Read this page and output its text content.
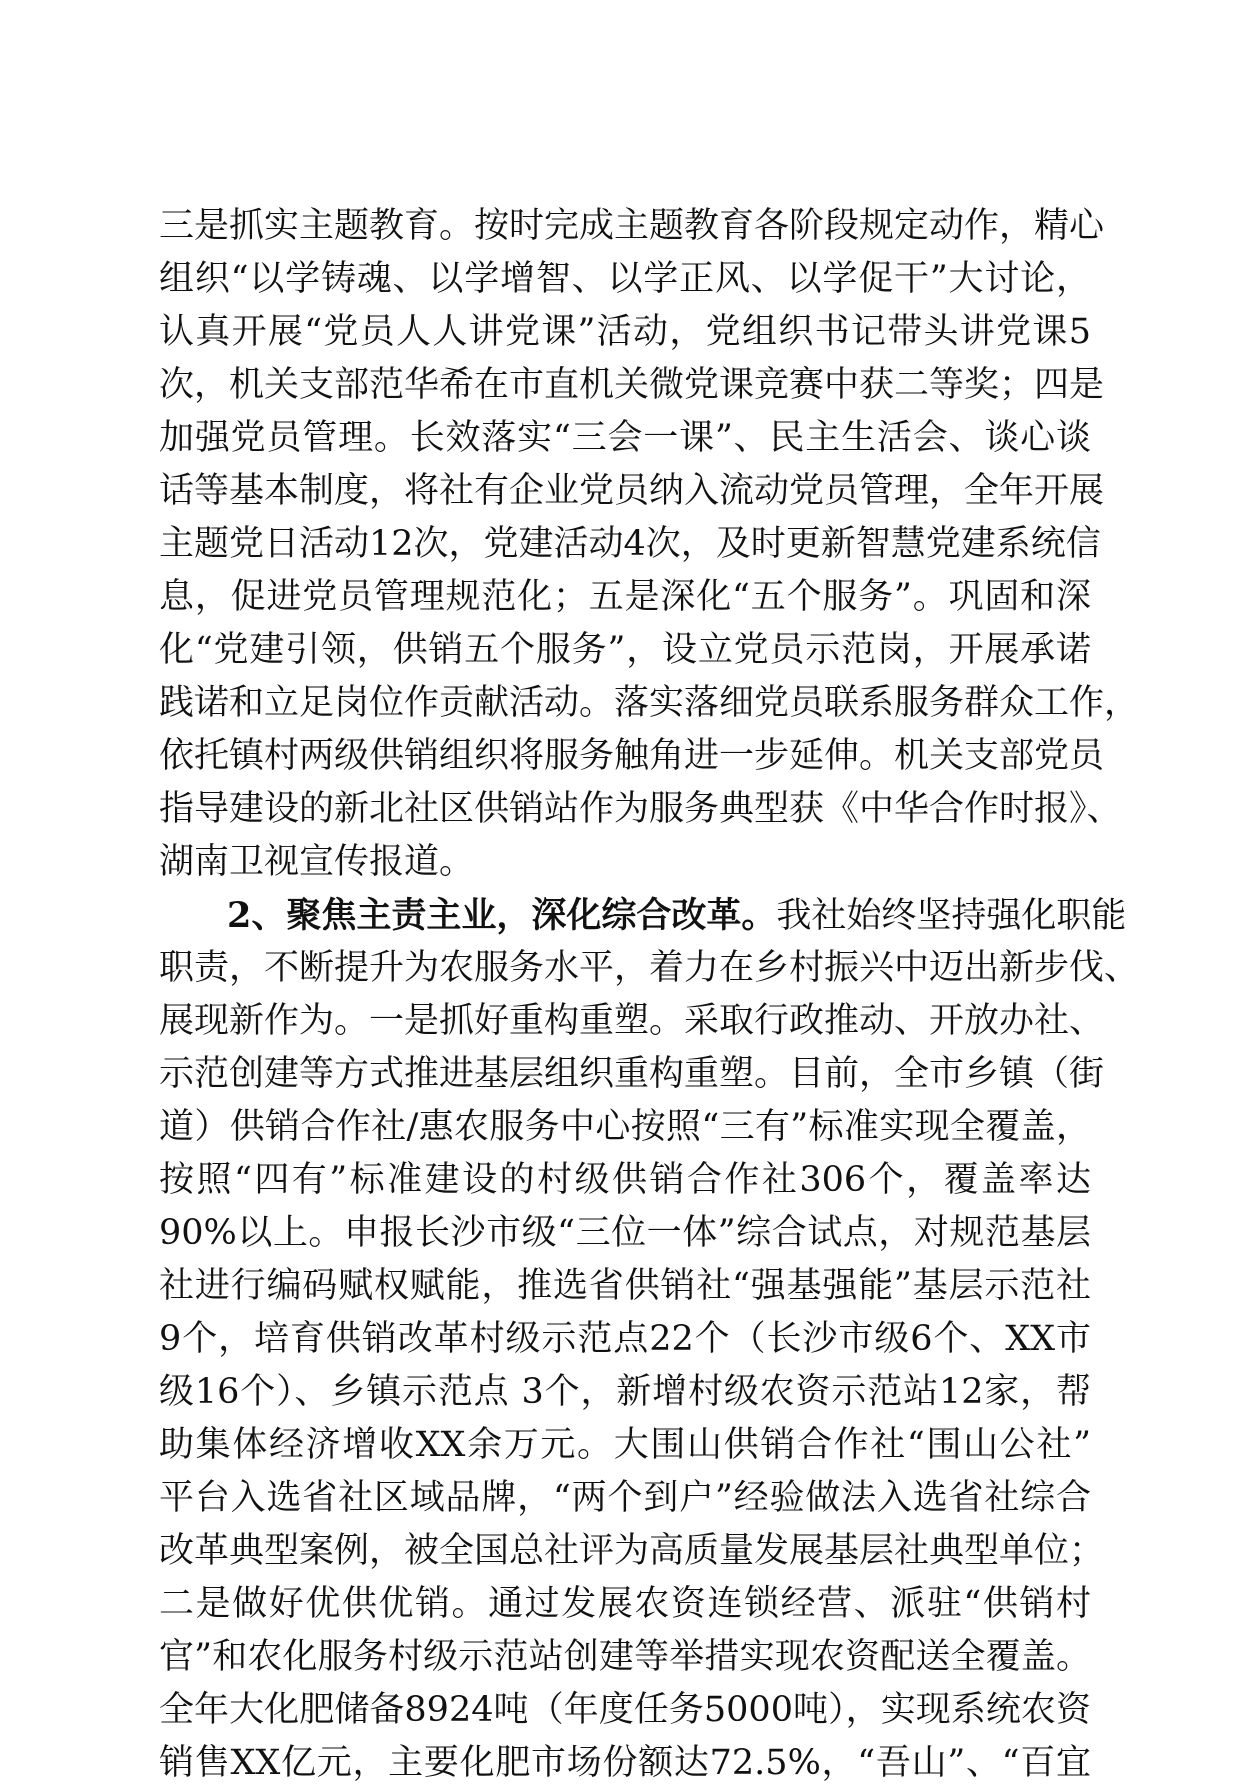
三是抓实主题教育。按时完成主题教育各阶段规定动作，精心
组织“以学铸魂、以学增智、以学正风、以学促干”大讨论，
认真开展“党员人人讲党课”活动，党组织书记带头讲党课5
次，机关支部范华希在市直机关微党课竞赛中获二等奖；四是
加强党员管理。长效落实“三会一课”、民主生活会、谈心谈
话等基本制度，将社有企业党员纳入流动党员管理，全年开展
主题党日活动12次，党建活动4次，及时更新智慧党建系统信
息，促进党员管理规范化；五是深化“五个服务”。巩固和深
化“党建引领，供销五个服务”，设立党员示范岗，开展承诺
践诺和立足岗位作贡献活动。落实落细党员联系服务群众工作，
依托镇村两级供销组织将服务触角进一步延伸。机关支部党员
指导建设的新北社区供销站作为服务典型获《中华合作时报》、
湖南卫视宣传报道。
2、聚焦主责主业，深化综合改革。我社始终坚持强化职能
职责，不断提升为农服务水平，着力在乡村振兴中迈出新步伐、
展现新作为。一是抓好重构重塑。采取行政推动、开放办社、
示范创建等方式推进基层组织重构重塑。目前，全市乡镇（街
道）供销合作社/惠农服务中心按照“三有”标准实现全覆盖，
按照“四有”标准建设的村级供销合作社306个，覆盖率达
90%以上。申报长沙市级“三位一体”综合试点，对规范基层
社进行编码赋权赋能，推选省供销社“强基强能”基层示范社
9个，培育供销改革村级示范点22个（长沙市级6个、XX市
级16个）、乡镇示范点 3个，新增村级农资示范站12家，帮
助集体经济增收XX余万元。大围山供销合作社“围山公社”
平台入选省社区域品牌，“两个到户”经验做法入选省社综合
改革典型案例，被全国总社评为高质量发展基层社典型单位；
二是做好优供优销。通过发展农资连锁经营、派驻“供销村
官”和农化服务村级示范站创建等举措实现农资配送全覆盖。
全年大化肥储备8924吨（年度任务5000吨），实现系统农资
销售XX亿元，主要化肥市场份额达72.5%，“吾山”、“百宜
